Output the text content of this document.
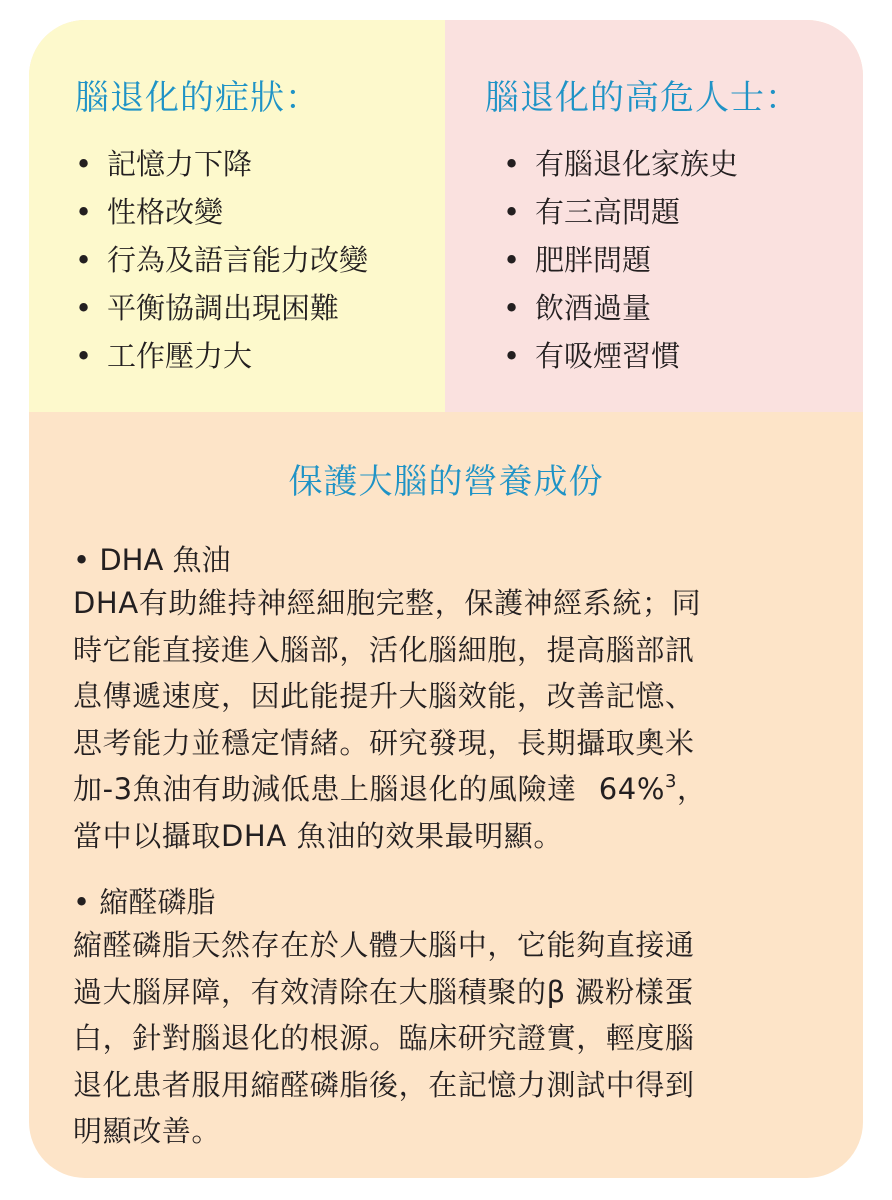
腦退化的症狀：
• 記憶力下降
• 性格改變
• 行為及語言能力改變
• 平衡協調出現困難
• 工作壓力大
腦退化的高危人士：
• 有腦退化家族史
• 有三高問題
• 肥胖問題
• 飲酒過量
• 有吸煙習慣
保護大腦的營養成份
• DHA 魚油

DHA有助維持神經細胞完整，保護神經系統；同
時它能直接進入腦部，活化腦細胞，提高腦部訊
息傳遞速度，因此能提升大腦效能，改善記憶、
思考能力並穩定情緒。研究發現，長期攝取奧米
加-3魚油有助減低患上腦退化的風險達 64%$^3$，
當中以攝取DHA 魚油的效果最明顯。

• 縮醛磷脂

縮醛磷脂天然存在於人體大腦中，它能夠直接通
過大腦屏障，有效清除在大腦積聚的β 澱粉樣蛋
白，針對腦退化的根源。臨床研究證實，輕度腦
退化患者服用縮醛磷脂後，在記憶力測試中得到
明顯改善。
